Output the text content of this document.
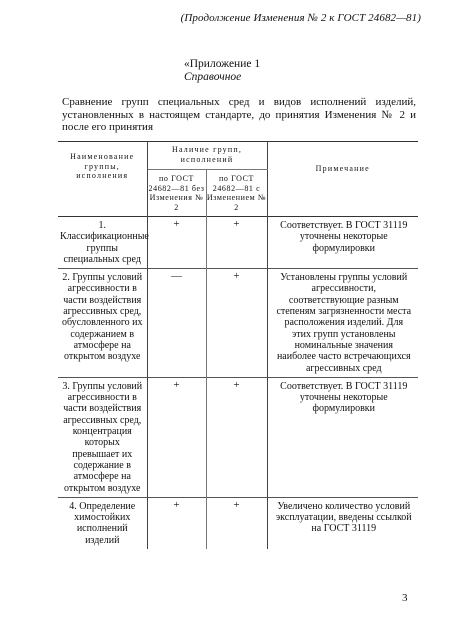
(Продолжение Изменения № 2 к ГОСТ 24682—81)
«Приложение 1
Справочное
Сравнение групп специальных сред и видов исполнений изделий, установленных в настоящем стандарте, до принятия Изменения № 2 и после его принятия
Наименование группы, исполнения	Наличие групп, исполнений		Примечание
	по ГОСТ 24682—81 без Изменения № 2	по ГОСТ 24682—81 с Изменением № 2	
1. Классификационные группы специальных сред	+	+	Соответствует. В ГОСТ 31119 уточнены некоторые формулировки
2. Группы условий агрессивности в части воздействия агрессивных сред, обусловленного их содержанием в атмосфере на открытом воздухе	—	+	Установлены группы условий агрессивности, соответствующие разным степеням загрязненности места расположения изделий. Для этих групп установлены номинальные значения наиболее часто встречающихся агрессивных сред
3. Группы условий агрессивности в части воздействия агрессивных сред, концентрация которых превышает их содержание в атмосфере на открытом воздухе	+	+	Соответствует. В ГОСТ 31119 уточнены некоторые формулировки
4. Определение химостойких исполнений изделий	+	+	Увеличено количество условий эксплуатации, введены ссылкой на ГОСТ 31119
3
